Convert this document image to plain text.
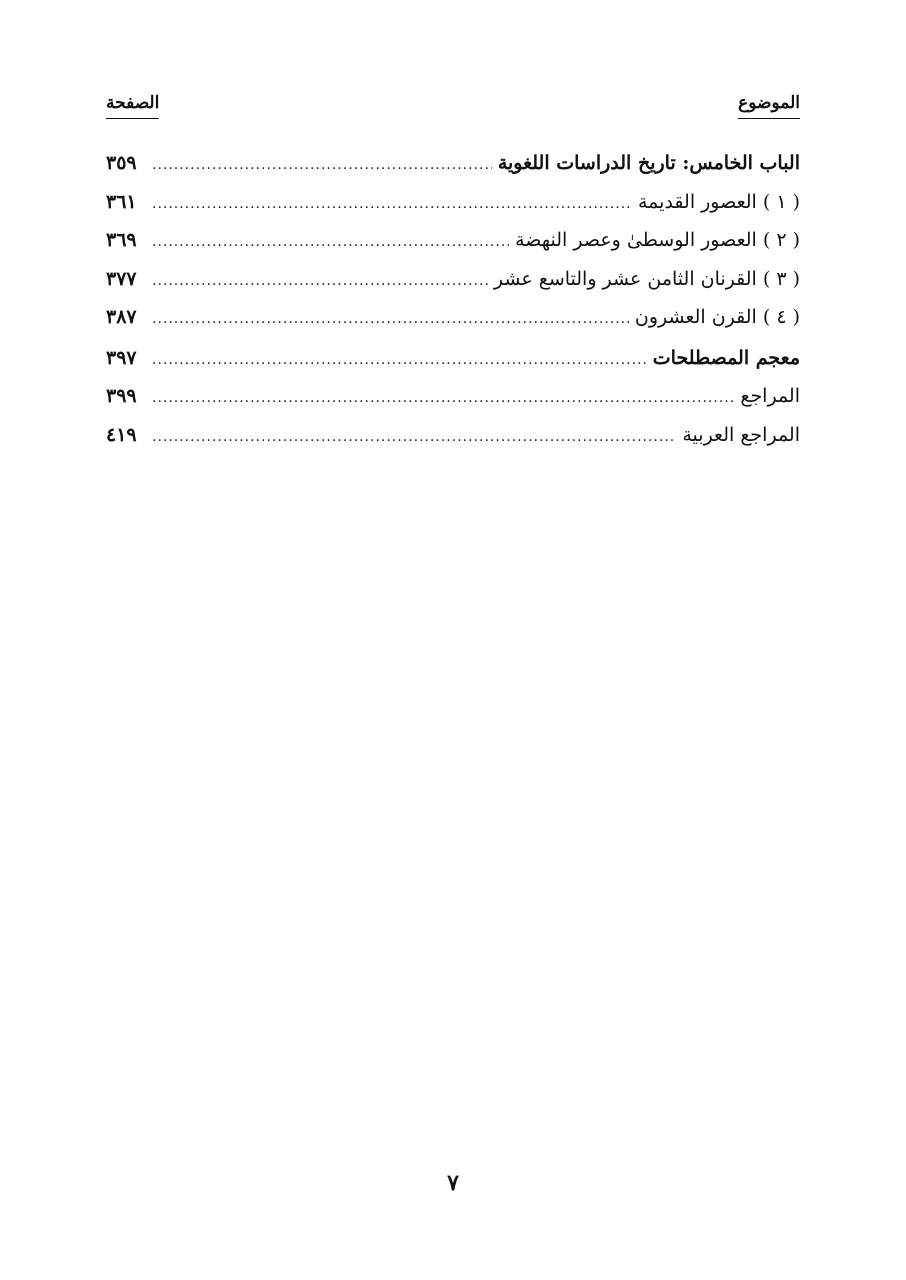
الموضوع
الصفحة
الباب الخامس: تاريخ الدراسات اللغوية
.....
٣٥٩
( ١ ) العصور القديمة
.....
٣٦١
( ٢ ) العصور الوسطىٰ وعصر النهضة
.....
٣٦٩
( ٣ ) القرنان الثامن عشر والتاسع عشر
.....
٣٧٧
( ٤ ) القرن العشرون
.....
٣٨٧
معجم المصطلحات
.....
٣٩٧
المراجع
.....
٣٩٩
المراجع العربية
.....
٤١٩
٧
